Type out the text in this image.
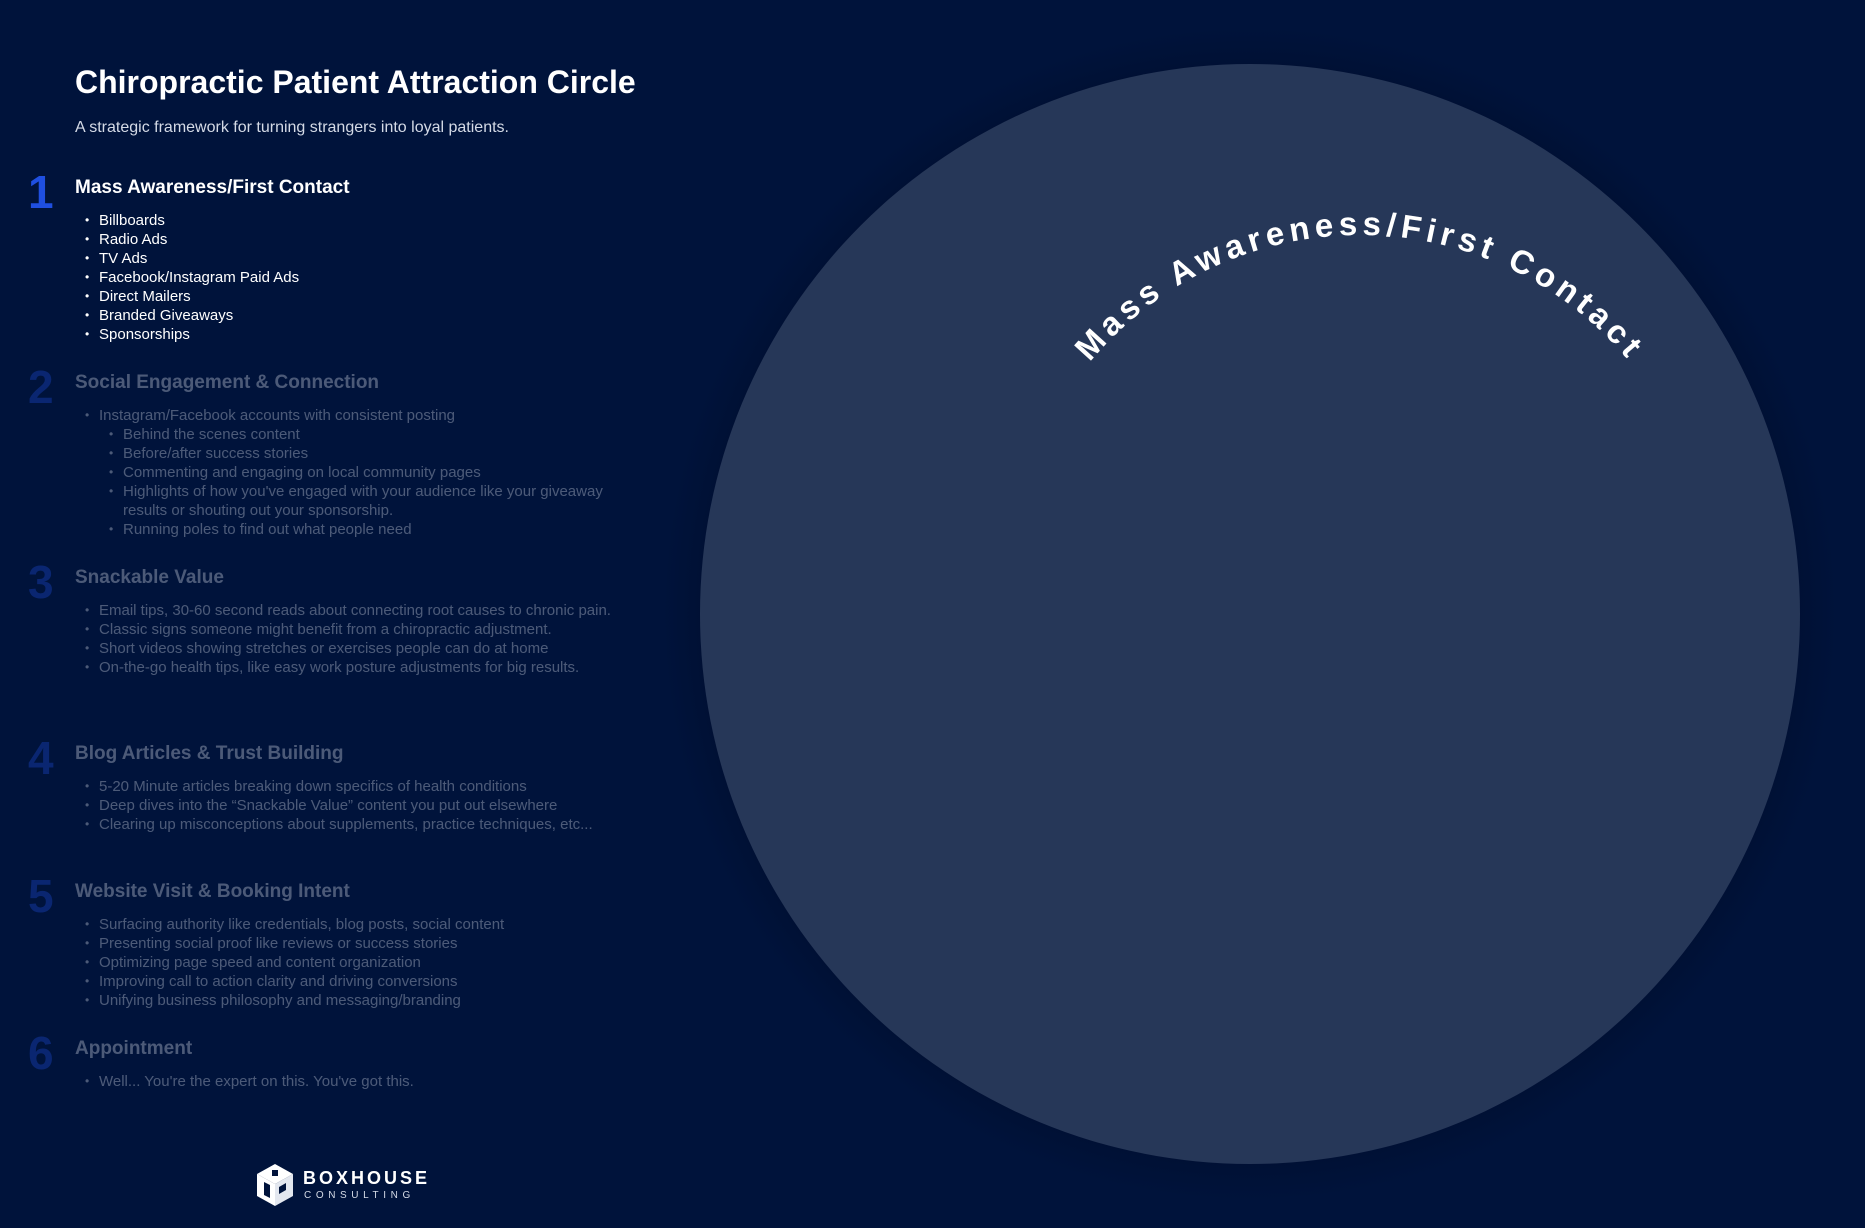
Chiropractic Patient Attraction Circle

A strategic framework for turning strangers into loyal patients.

1 Mass Awareness/First Contact
• Billboards
• Radio Ads
• TV Ads
• Facebook/Instagram Paid Ads
• Direct Mailers
• Branded Giveaways
• Sponsorships
2 Social Engagement & Connection
• Instagram/Facebook accounts with consistent posting
• Behind the scenes content
• Before/after success stories
• Commenting and engaging on local community pages
• Highlights of how you've engaged with your audience like your giveaway results or shouting out your sponsorship.
• Running poles to find out what people need
3 Snackable Value
• Email tips, 30-60 second reads about connecting root causes to chronic pain.
• Classic signs someone might benefit from a chiropractic adjustment.
• Short videos showing stretches or exercises people can do at home
• On-the-go health tips, like easy work posture adjustments for big results.
4 Blog Articles & Trust Building
• 5-20 Minute articles breaking down specifics of health conditions
• Deep dives into the “Snackable Value” content you put out elsewhere
• Clearing up misconceptions about supplements, practice techniques, etc...
5 Website Visit & Booking Intent
• Surfacing authority like credentials, blog posts, social content
• Presenting social proof like reviews or success stories
• Optimizing page speed and content organization
• Improving call to action clarity and driving conversions
• Unifying business philosophy and messaging/branding
6 Appointment
• Well... You're the expert on this. You've got this.
BOXHOUSE
CONSULTING
Mass Awareness/First Contact
